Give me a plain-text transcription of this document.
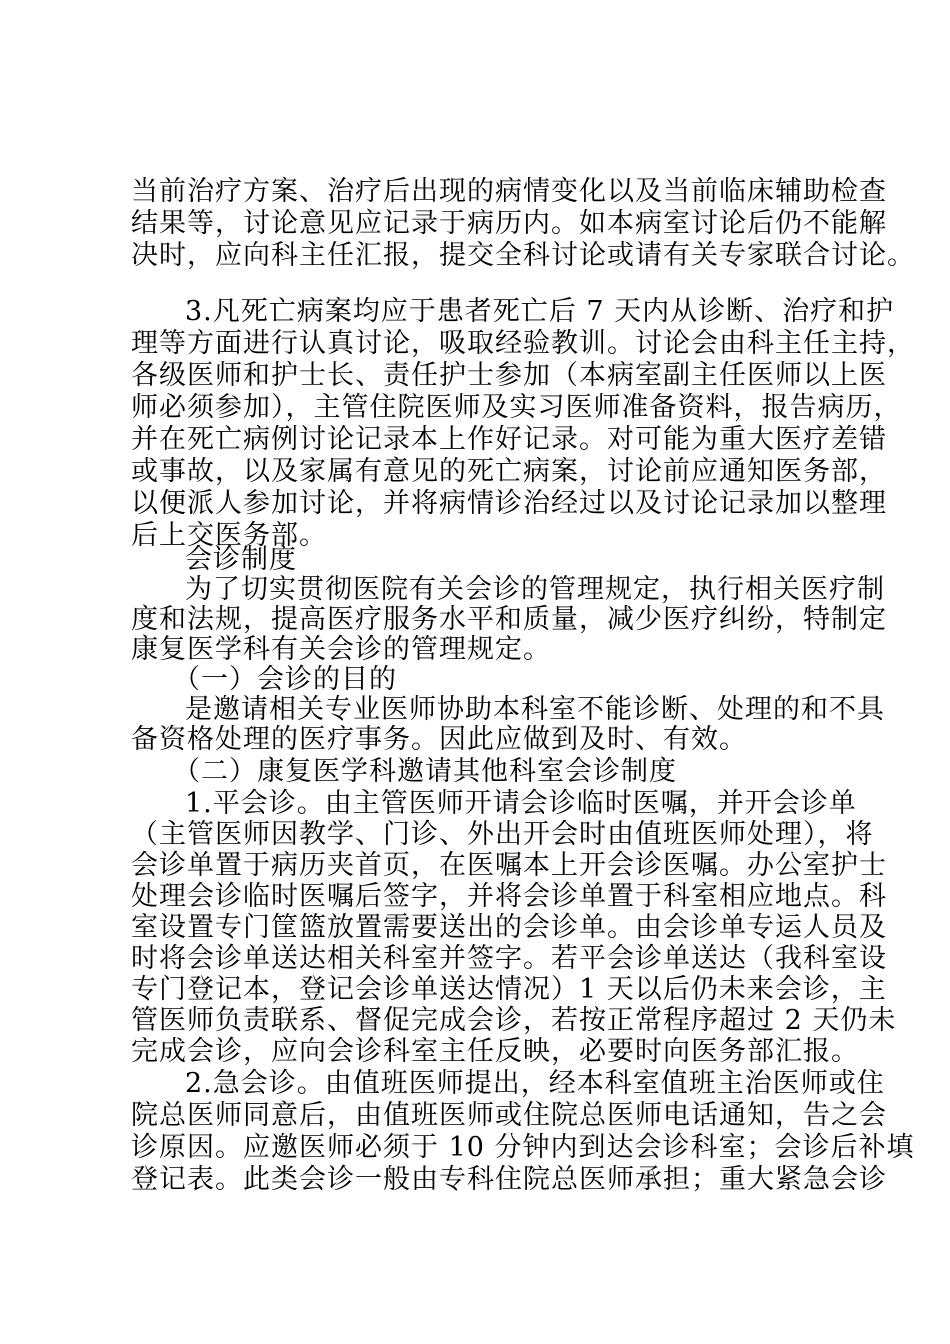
当前治疗方案、治疗后出现的病情变化以及当前临床辅助检查
结果等，讨论意见应记录于病历内。如本病室讨论后仍不能解
决时，应向科主任汇报，提交全科讨论或请有关专家联合讨论。
3.凡死亡病案均应于患者死亡后 7 天内从诊断、治疗和护
理等方面进行认真讨论，吸取经验教训。讨论会由科主任主持，
各级医师和护士长、责任护士参加（本病室副主任医师以上医
师必须参加），主管住院医师及实习医师准备资料，报告病历，
并在死亡病例讨论记录本上作好记录。对可能为重大医疗差错
或事故，以及家属有意见的死亡病案，讨论前应通知医务部，
以便派人参加讨论，并将病情诊治经过以及讨论记录加以整理
后上交医务部。
会诊制度
为了切实贯彻医院有关会诊的管理规定，执行相关医疗制
度和法规，提高医疗服务水平和质量，减少医疗纠纷，特制定
康复医学科有关会诊的管理规定。
（一）会诊的目的
是邀请相关专业医师协助本科室不能诊断、处理的和不具
备资格处理的医疗事务。因此应做到及时、有效。
（二）康复医学科邀请其他科室会诊制度
1.平会诊。由主管医师开请会诊临时医嘱，并开会诊单
（主管医师因教学、门诊、外出开会时由值班医师处理），将
会诊单置于病历夹首页，在医嘱本上开会诊医嘱。办公室护士
处理会诊临时医嘱后签字，并将会诊单置于科室相应地点。科
室设置专门筐篮放置需要送出的会诊单。由会诊单专运人员及
时将会诊单送达相关科室并签字。若平会诊单送达（我科室设
专门登记本，登记会诊单送达情况）1 天以后仍未来会诊，主
管医师负责联系、督促完成会诊，若按正常程序超过 2 天仍未
完成会诊，应向会诊科室主任反映，必要时向医务部汇报。
2.急会诊。由值班医师提出，经本科室值班主治医师或住
院总医师同意后，由值班医师或住院总医师电话通知，告之会
诊原因。应邀医师必须于 10 分钟内到达会诊科室；会诊后补填
登记表。此类会诊一般由专科住院总医师承担；重大紧急会诊
